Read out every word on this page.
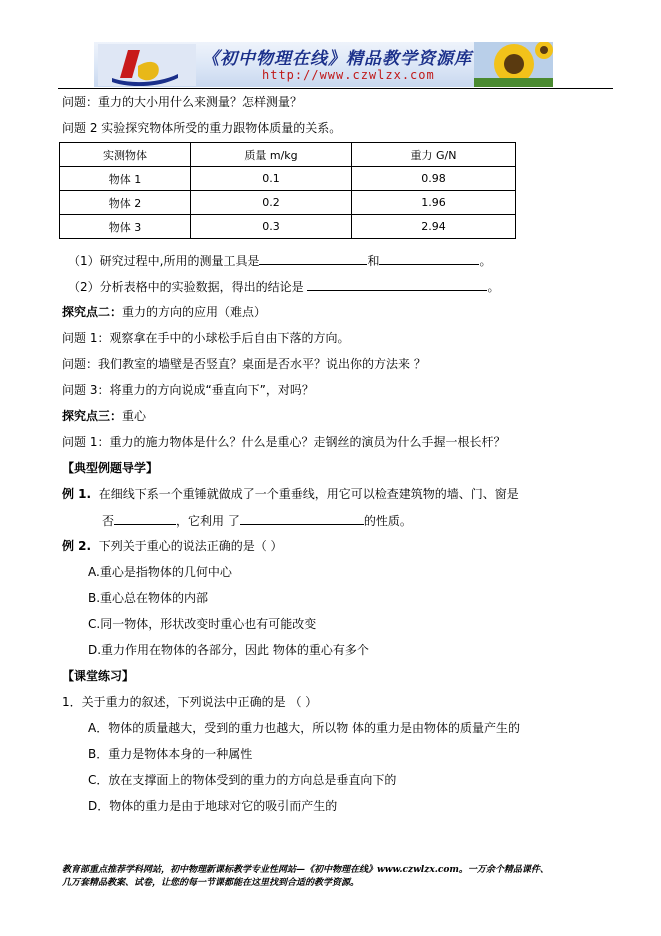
《初中物理在线》精品教学资源库
http://www.czwlzx.com
问题：重力的大小用什么来测量？怎样测量？
问题 2 实验探究物体所受的重力跟物体质量的关系。
实测物体	质量 m/kg	重力 G/N
物体 1	0.1	0.98
物体 2	0.2	1.96
物体 3	0.3	2.94
（1）研究过程中,所用的测量工具是	和	。
（2）分析表格中的实验数据，得出的结论是	。
探究点二：重力的方向的应用（难点）
问题 1：观察拿在手中的小球松手后自由下落的方向。
问题：我们教室的墙壁是否竖直？桌面是否水平？说出你的方法来 ？
问题 3：将重力的方向说成“垂直向下”，对吗？
探究点三：重心
问题 1：重力的施力物体是什么？什么是重心？走钢丝的演员为什么手握一根长杆？
【典型例题导学】
例 1. 在细线下系一个重锤就做成了一个重垂线，用它可以检查建筑物的墙、门、窗是
否	，它利用 了	的性质。
例 2. 下列关于重心的说法正确的是（ ）
A.重心是指物体的几何中心
B.重心总在物体的内部
C.同一物体，形状改变时重心也有可能改变
D.重力作用在物体的各部分，因此 物体的重心有多个
【课堂练习】
1．关于重力的叙述，下列说法中正确的是 （ ）
A．物体的质量越大，受到的重力也越大，所以物 体的重力是由物体的质量产生的
B．重力是物体本身的一种属性
C．放在支撑面上的物体受到的重力的方向总是垂直向下的
D．物体的重力是由于地球对它的吸引而产生的
教育部重点推荐学科网站，初中物理新课标教学专业性网站—《初中物理在线》www.czwlzx.com。一万余个精品课件、
几万套精品教案、试卷，让您的每一节课都能在这里找到合适的教学资源。
